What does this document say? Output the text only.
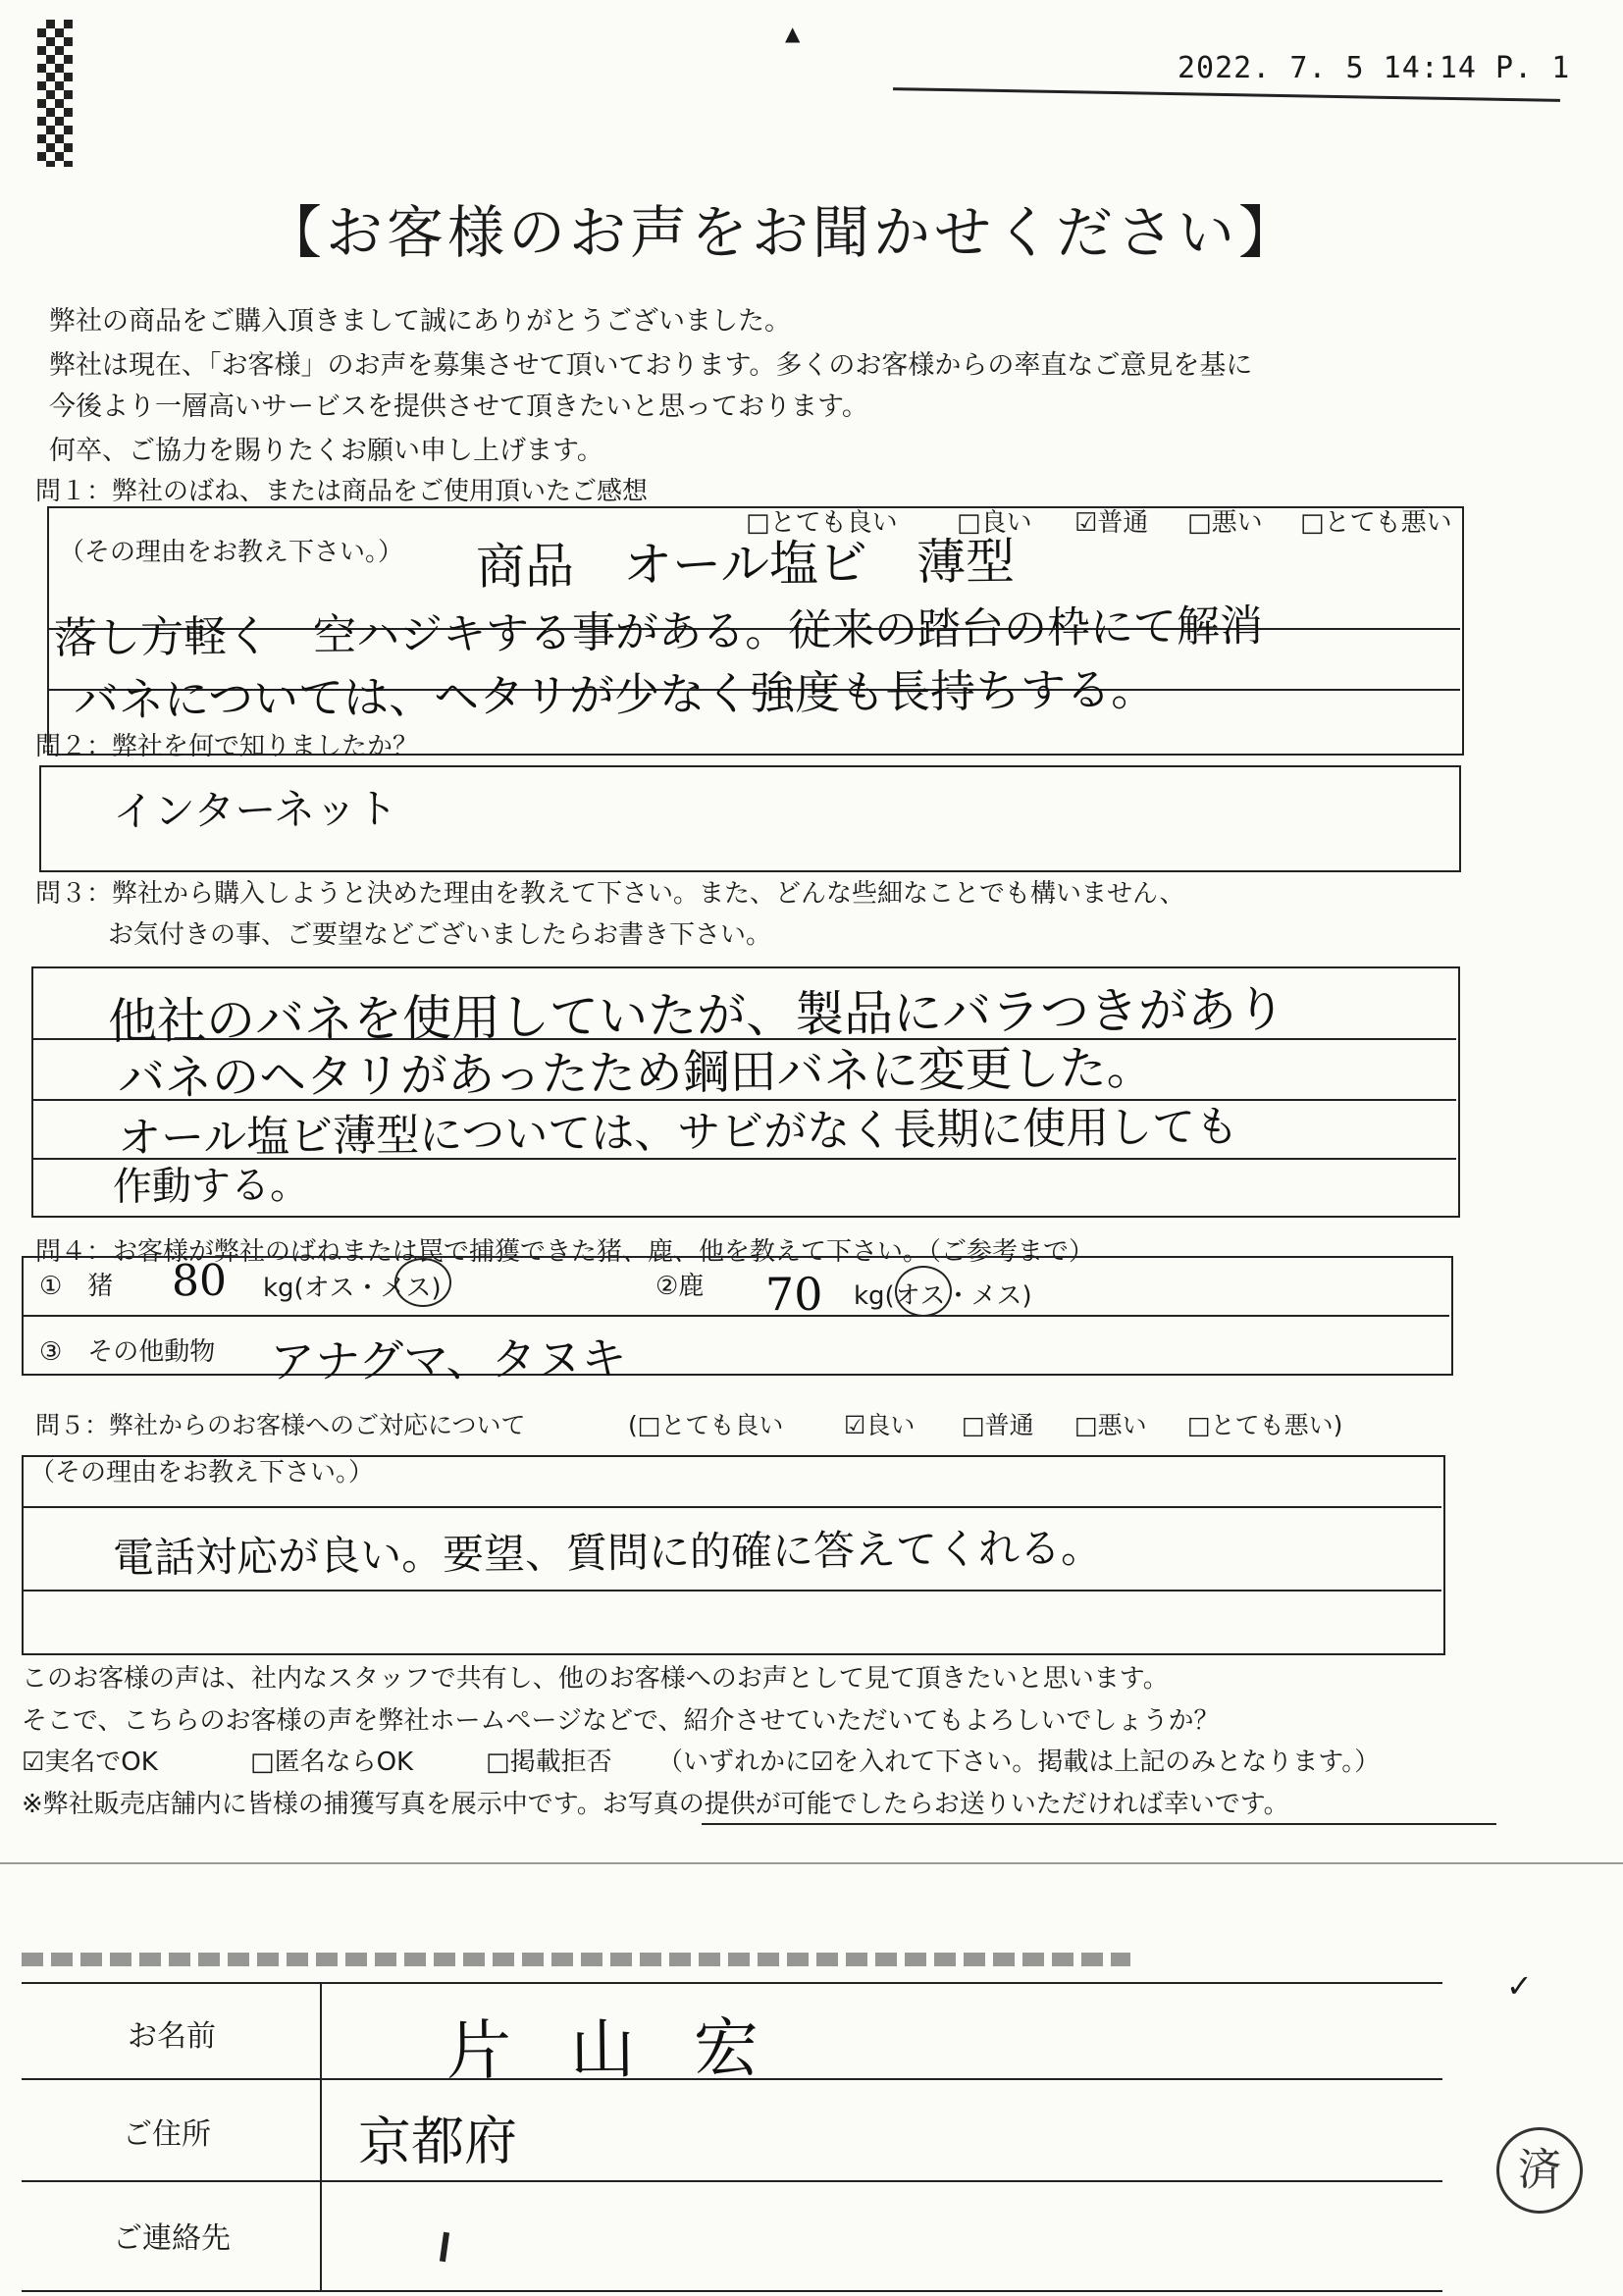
▲
2022. 7. 5 14:14 P. 1
【お客様のお声をお聞かせください】
弊社の商品をご購入頂きまして誠にありがとうございました。
弊社は現在、「お客様」のお声を募集させて頂いております。多くのお客様からの率直なご意見を基に
今後より一層高いサービスを提供させて頂きたいと思っております。
何卒、ご協力を賜りたくお願い申し上げます。
問１：弊社のばね、または商品をご使用頂いたご感想
□とても良い □良い ☑普通 □悪い □とても悪い
（その理由をお教え下さい。） 商品　オール塩ビ　薄型
落し方軽く　空ハジキする事がある。従来の踏台の枠にて解消
バネについては、ヘタリが少なく強度も長持ちする。
問２：弊社を何で知りましたか？
インターネット
問３：弊社から購入しようと決めた理由を教えて下さい。また、どんな些細なことでも構いません、
お気付きの事、ご要望などございましたらお書き下さい。
他社のバネを使用していたが、製品にバラつきがあり
バネのヘタリがあったため鋼田バネに変更した。
オール塩ビ薄型については、サビがなく長期に使用しても
作動する。
問４：お客様が弊社のばねまたは罠で捕獲できた猪、鹿、他を教えて下さい。（ご参考まで）
①　猪 80 kg(オス・メス)	②鹿 70 kg(オス・メス)
③　その他動物 アナグマ、タヌキ
問５：弊社からのお客様へのご対応について	(□とても良い ☑良い □普通 □悪い □とても悪い)
（その理由をお教え下さい。）
電話対応が良い。要望、質問に的確に答えてくれる。
このお客様の声は、社内なスタッフで共有し、他のお客様へのお声として見て頂きたいと思います。
そこで、こちらのお客様の声を弊社ホームページなどで、紹介させていただいてもよろしいでしょうか？
☑実名でOK	□匿名ならOK	□掲載拒否 （いずれかに☑を入れて下さい。掲載は上記のみとなります。）
※弊社販売店舗内に皆様の捕獲写真を展示中です。お写真の提供が可能でしたらお送りいただければ幸いです。
お名前	片山宏
ご住所	京都府
ご連絡先
✓
済
